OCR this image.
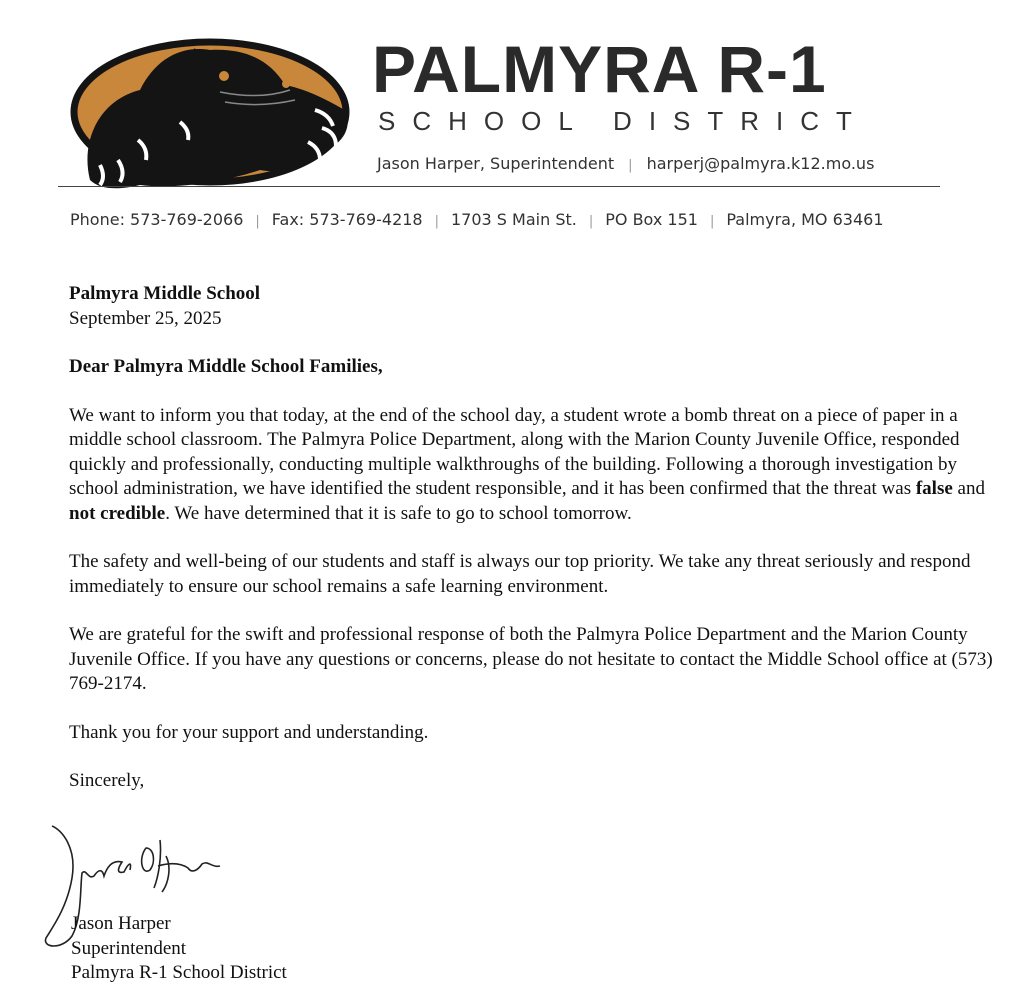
PALMYRA R-1
SCHOOL DISTRICT
Jason Harper, Superintendent | harperj@palmyra.k12.mo.us
Phone: 573-769-2066 | Fax: 573-769-4218 | 1703 S Main St. | PO Box 151 | Palmyra, MO 63461
Palmyra Middle School

September 25, 2025

Dear Palmyra Middle School Families,

We want to inform you that today, at the end of the school day, a student wrote a bomb threat on a piece of paper in a middle school classroom. The Palmyra Police Department, along with the Marion County Juvenile Office, responded quickly and professionally, conducting multiple walkthroughs of the building. Following a thorough investigation by school administration, we have identified the student responsible, and it has been confirmed that the threat was false and not credible. We have determined that it is safe to go to school tomorrow.

The safety and well-being of our students and staff is always our top priority. We take any threat seriously and respond immediately to ensure our school remains a safe learning environment.

We are grateful for the swift and professional response of both the Palmyra Police Department and the Marion County Juvenile Office. If you have any questions or concerns, please do not hesitate to contact the Middle School office at (573) 769-2174.

Thank you for your support and understanding.

Sincerely,

Jason Harper
Superintendent
Palmyra R-1 School District
